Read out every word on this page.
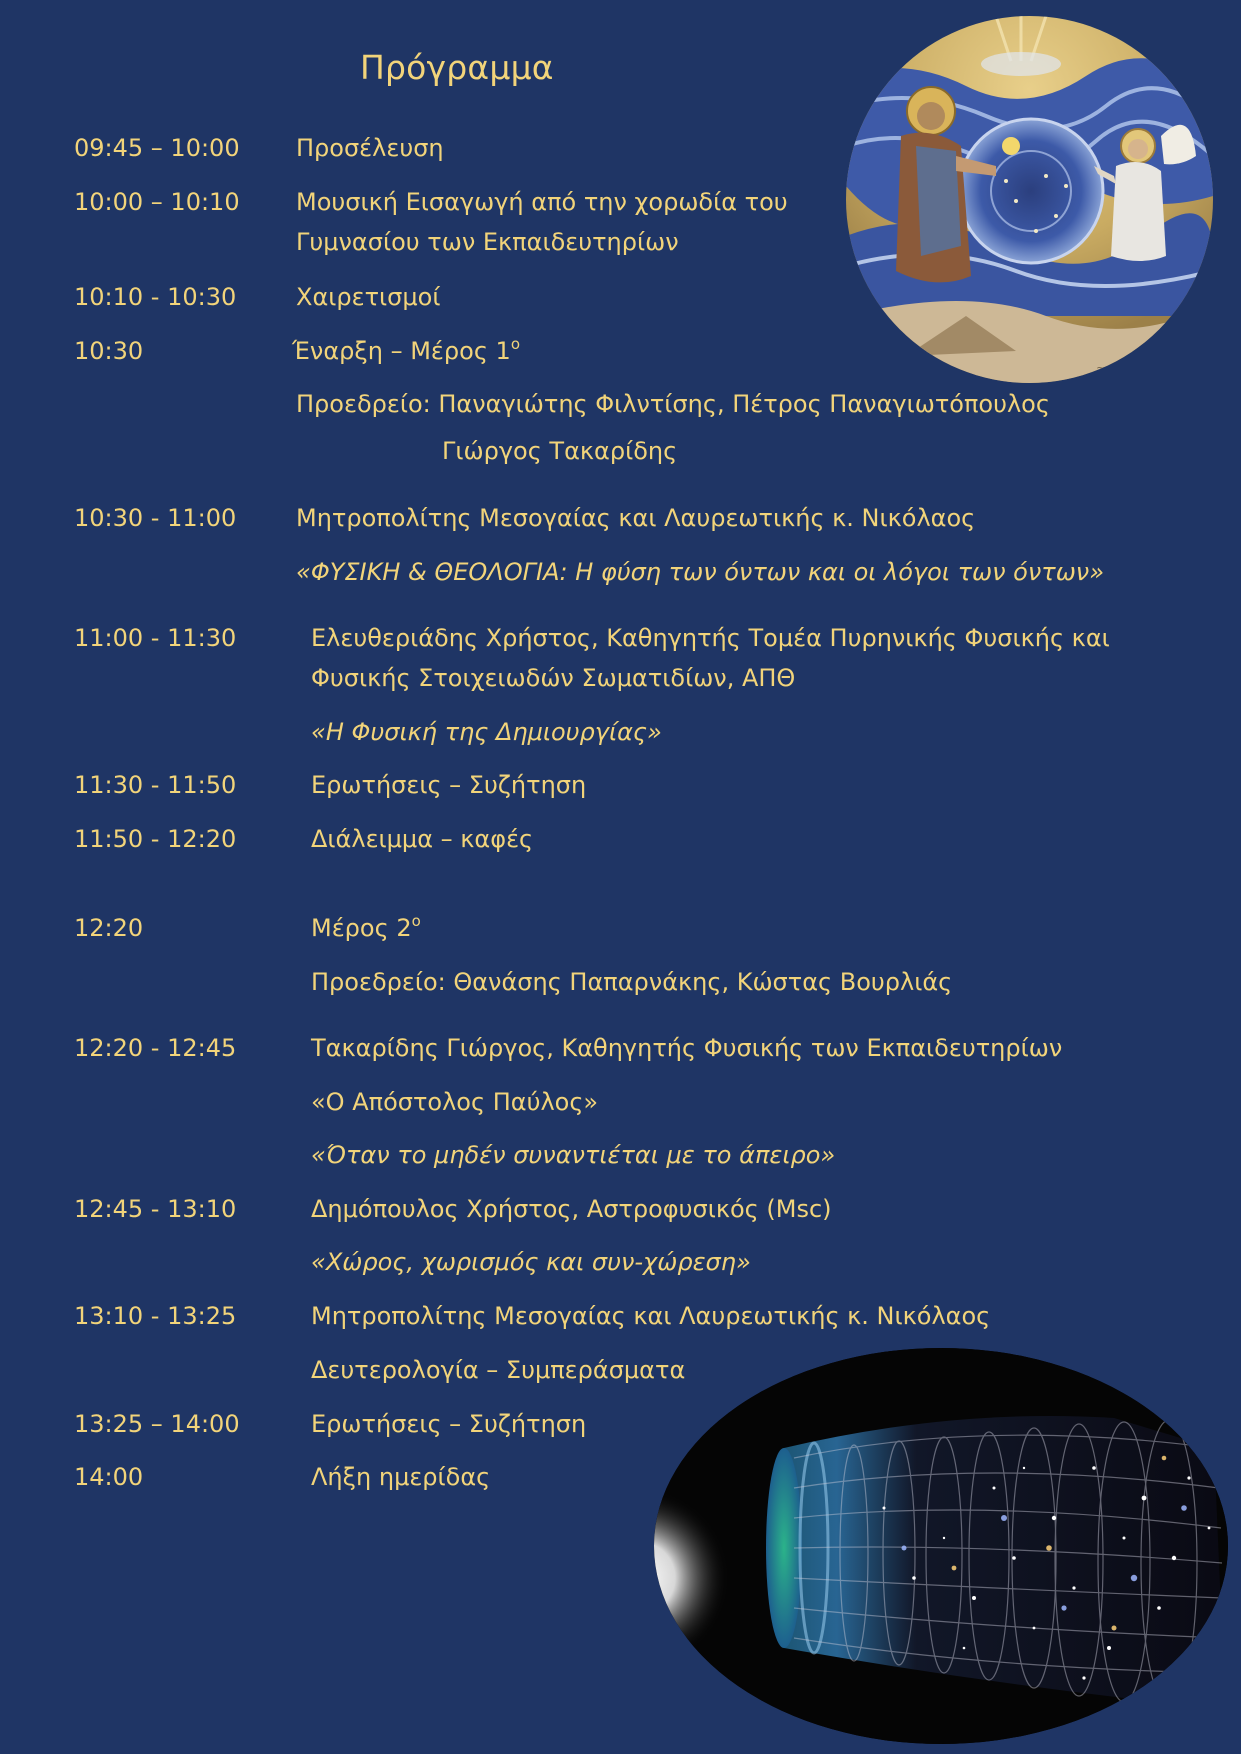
Πρόγραμμα
~ ~ ~
09:45 – 10:00 Προσέλευση
10:00 – 10:10 Μουσική Εισαγωγή από την χορωδία του
Γυμνασίου των Εκπαιδευτηρίων
10:10 - 10:30 Χαιρετισμοί
10:30	Έναρξη – Μέρος $1^o$
Προεδρείο: Παναγιώτης Φιλντίσης, Πέτρος Παναγιωτόπουλος
Γιώργος Τακαρίδης
10:30 - 11:00 Μητροπολίτης Μεσογαίας και Λαυρεωτικής κ. Νικόλαος
«ΦΥΣΙΚΗ & ΘΕΟΛΟΓΙΑ: Η φύση των όντων και οι λόγοι των όντων»
11:00 - 11:30	Ελευθεριάδης Χρήστος, Καθηγητής Τομέα Πυρηνικής Φυσικής και
Φυσικής Στοιχειωδών Σωματιδίων, ΑΠΘ
«Η Φυσική της Δημιουργίας»
11:30 - 11:50	Ερωτήσεις – Συζήτηση
11:50 - 12:20	Διάλειμμα – καφές
12:20	Μέρος $2^o$
Προεδρείο: Θανάσης Παπαρνάκης, Κώστας Βουρλιάς
12:20 - 12:45	Τακαρίδης Γιώργος, Καθηγητής Φυσικής των Εκπαιδευτηρίων
«Ο Απόστολος Παύλος»
«Όταν το μηδέν συναντιέται με το άπειρο»
12:45 - 13:10	Δημόπουλος Χρήστος, Αστροφυσικός (Msc)
«Χώρος, χωρισμός και συν-χώρεση»
13:10 - 13:25	Μητροπολίτης Μεσογαίας και Λαυρεωτικής κ. Νικόλαος
Δευτερολογία – Συμπεράσματα
13:25 – 14:00	Ερωτήσεις – Συζήτηση
14:00	Λήξη ημερίδας
